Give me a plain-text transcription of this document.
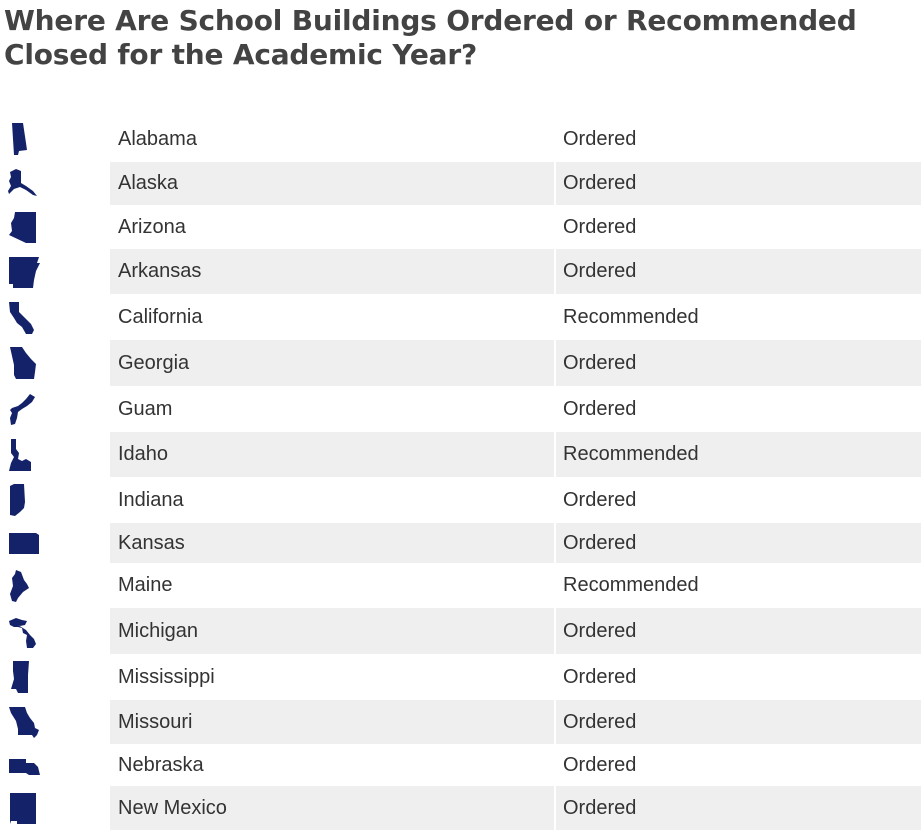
Where Are School Buildings Ordered or Recommended
Closed for the Academic Year?
Alabama	Ordered
Alaska	Ordered
Arizona	Ordered
Arkansas	Ordered
California	Recommended
Georgia	Ordered
Guam	Ordered
Idaho	Recommended
Indiana	Ordered
Kansas	Ordered
Maine	Recommended
Michigan	Ordered
Mississippi	Ordered
Missouri	Ordered
Nebraska	Ordered
New Mexico	Ordered
